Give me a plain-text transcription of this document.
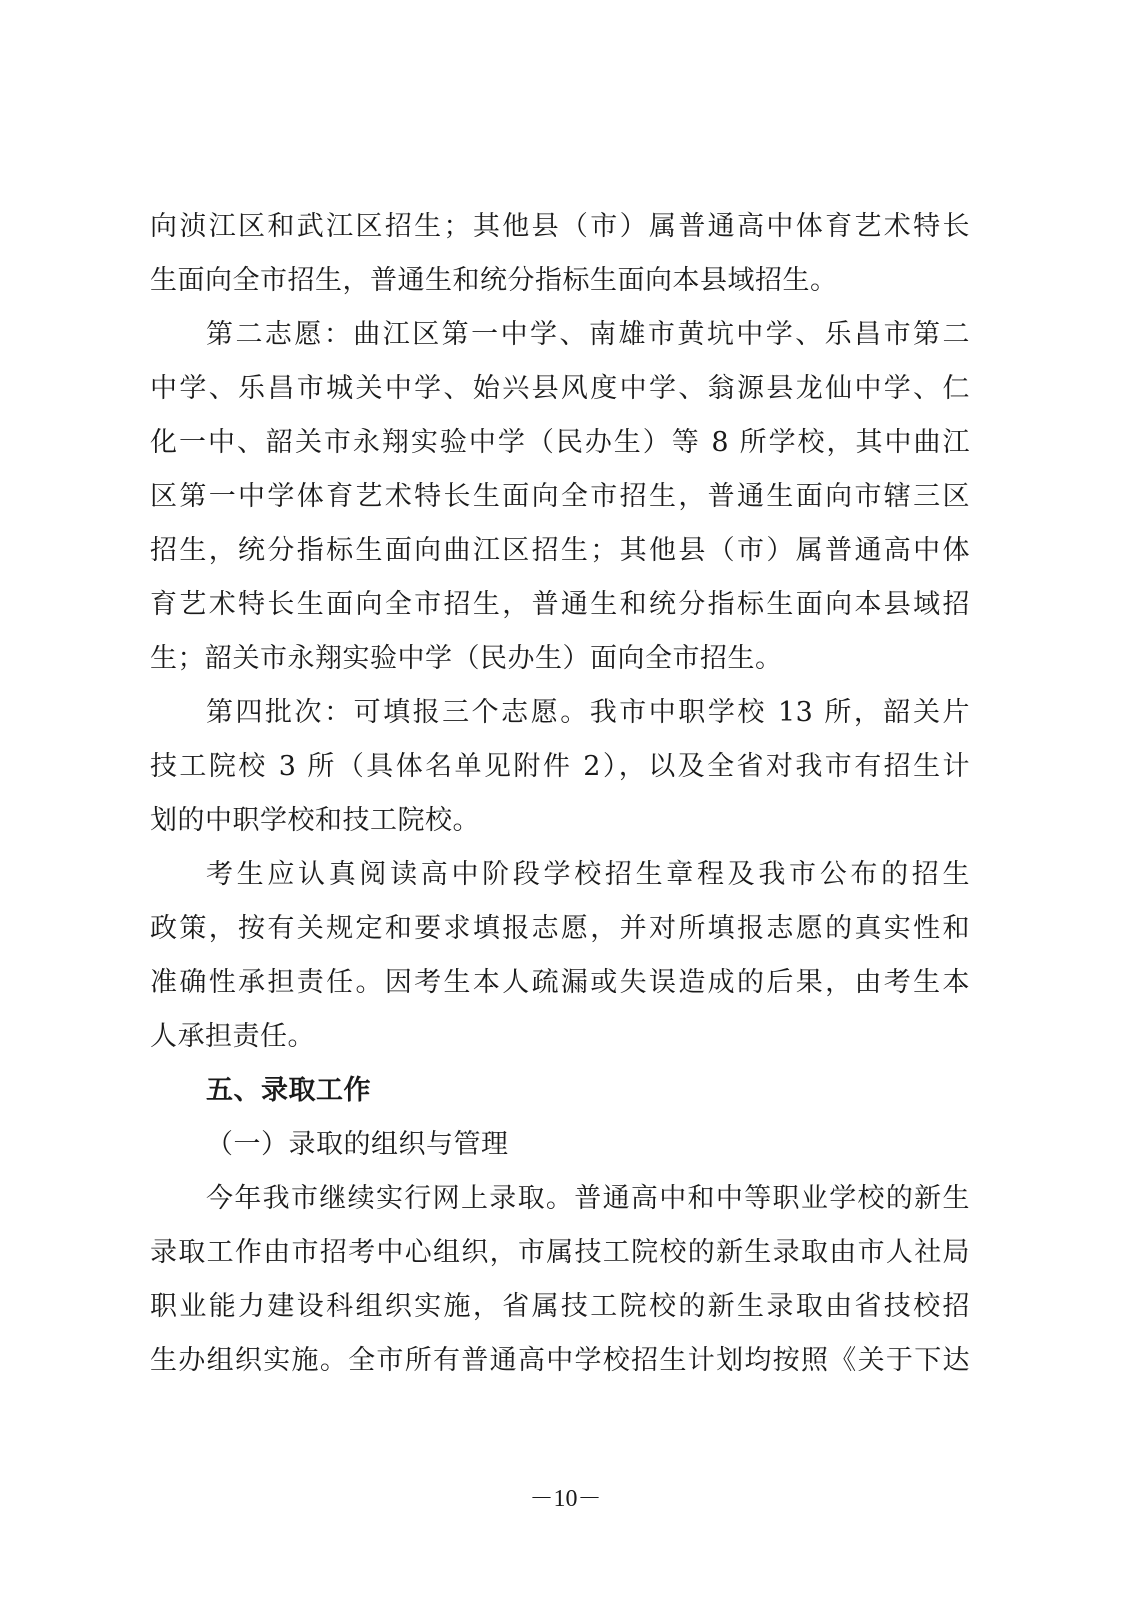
向浈江区和武江区招生；其他县（市）属普通高中体育艺术特长
生面向全市招生，普通生和统分指标生面向本县域招生。
第二志愿：曲江区第一中学、南雄市黄坑中学、乐昌市第二
中学、乐昌市城关中学、始兴县风度中学、翁源县龙仙中学、仁
化一中、韶关市永翔实验中学（民办生）等 8 所学校，其中曲江
区第一中学体育艺术特长生面向全市招生，普通生面向市辖三区
招生，统分指标生面向曲江区招生；其他县（市）属普通高中体
育艺术特长生面向全市招生，普通生和统分指标生面向本县域招
生；韶关市永翔实验中学（民办生）面向全市招生。
第四批次：可填报三个志愿。我市中职学校 13 所，韶关片
技工院校 3 所（具体名单见附件 2），以及全省对我市有招生计
划的中职学校和技工院校。
考生应认真阅读高中阶段学校招生章程及我市公布的招生
政策，按有关规定和要求填报志愿，并对所填报志愿的真实性和
准确性承担责任。因考生本人疏漏或失误造成的后果，由考生本
人承担责任。
五、录取工作
（一）录取的组织与管理
今年我市继续实行网上录取。普通高中和中等职业学校的新生
录取工作由市招考中心组织，市属技工院校的新生录取由市人社局
职业能力建设科组织实施，省属技工院校的新生录取由省技校招
生办组织实施。全市所有普通高中学校招生计划均按照《关于下达
－10－
